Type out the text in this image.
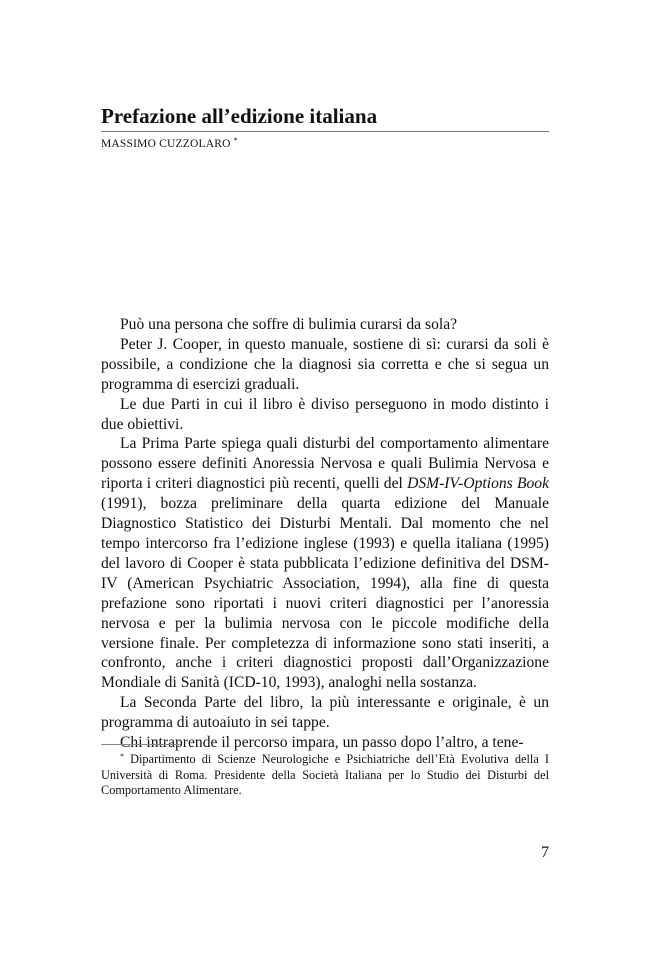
Prefazione all’edizione italiana
MASSIMO CUZZOLARO *

Può una persona che soffre di bulimia curarsi da sola?

Peter J. Cooper, in questo manuale, sostiene di sì: curarsi da soli è possibile, a condizione che la diagnosi sia corretta e che si segua un programma di esercizi graduali.

Le due Parti in cui il libro è diviso perseguono in modo distinto i due obiettivi.

La Prima Parte spiega quali disturbi del comportamento alimentare possono essere definiti Anoressia Nervosa e quali Bulimia Nervosa e riporta i criteri diagnostici più recenti, quelli del DSM-IV-Options Book (1991), bozza preliminare della quarta edizione del Manuale Diagnostico Statistico dei Disturbi Mentali. Dal momento che nel tempo intercorso fra l’edizione inglese (1993) e quella italiana (1995) del lavoro di Cooper è stata pubblicata l’edizione definitiva del DSM-IV (American Psychiatric Association, 1994), alla fine di questa prefazione sono riportati i nuovi criteri diagnostici per l’anoressia nervosa e per la bulimia nervosa con le piccole modifiche della versione finale. Per completezza di informazione sono stati inseriti, a confronto, anche i criteri diagnostici proposti dall’Organizzazione Mondiale di Sanità (ICD-10, 1993), analoghi nella sostanza.

La Seconda Parte del libro, la più interessante e originale, è un programma di autoaiuto in sei tappe.

Chi intraprende il percorso impara, un passo dopo l’altro, a tene-

* Dipartimento di Scienze Neurologiche e Psichiatriche dell’Età Evolutiva della I Università di Roma. Presidente della Società Italiana per lo Studio dei Disturbi del Comportamento Alimentare.

7
